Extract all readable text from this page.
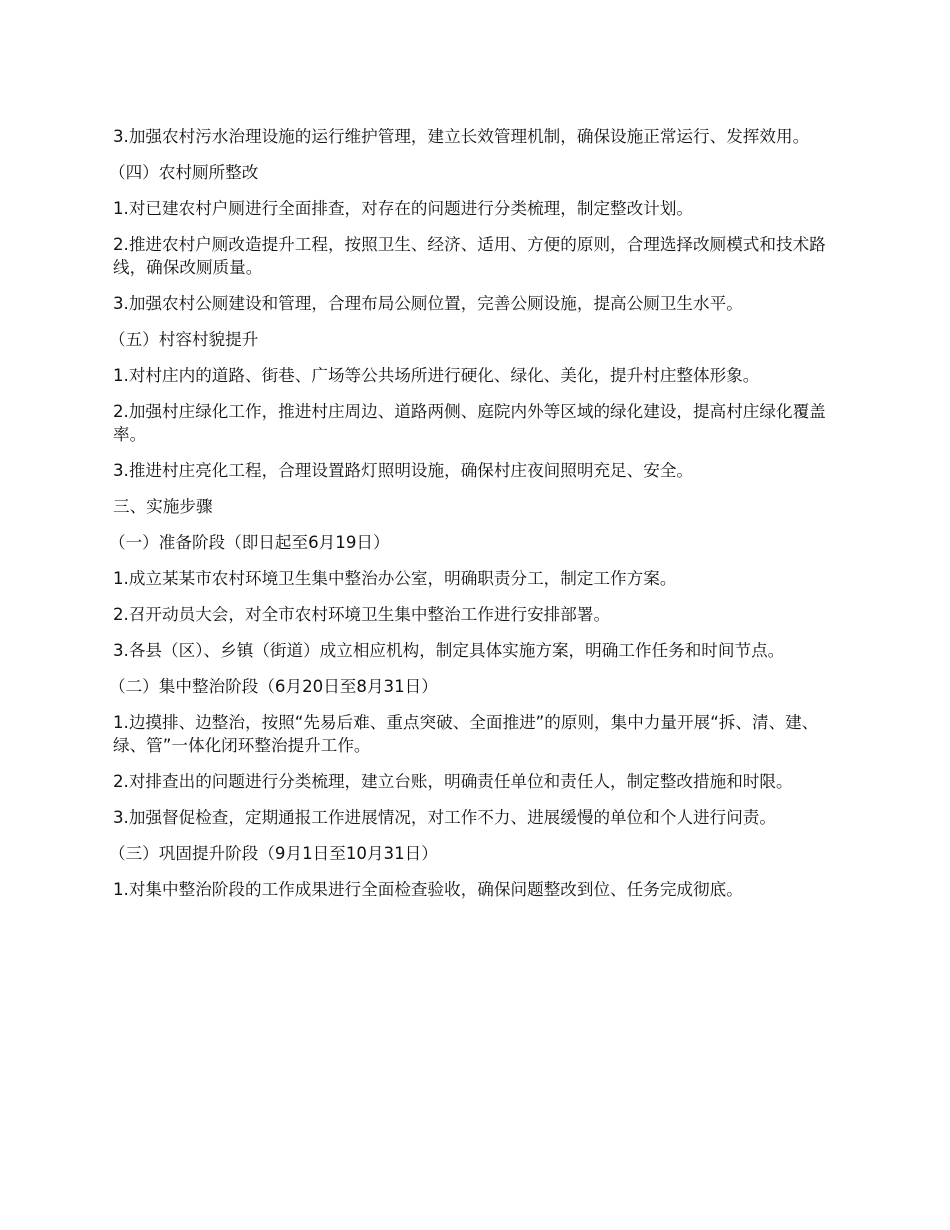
3.加强农村污水治理设施的运行维护管理，建立长效管理机制，确保设施正常运行、发挥效用。

（四）农村厕所整改

1.对已建农村户厕进行全面排查，对存在的问题进行分类梳理，制定整改计划。

2.推进农村户厕改造提升工程，按照卫生、经济、适用、方便的原则，合理选择改厕模式和技术路线，确保改厕质量。

3.加强农村公厕建设和管理，合理布局公厕位置，完善公厕设施，提高公厕卫生水平。

（五）村容村貌提升

1.对村庄内的道路、街巷、广场等公共场所进行硬化、绿化、美化，提升村庄整体形象。

2.加强村庄绿化工作，推进村庄周边、道路两侧、庭院内外等区域的绿化建设，提高村庄绿化覆盖率。

3.推进村庄亮化工程，合理设置路灯照明设施，确保村庄夜间照明充足、安全。

三、实施步骤

（一）准备阶段（即日起至6月19日）

1.成立某某市农村环境卫生集中整治办公室，明确职责分工，制定工作方案。

2.召开动员大会，对全市农村环境卫生集中整治工作进行安排部署。

3.各县（区）、乡镇（街道）成立相应机构，制定具体实施方案，明确工作任务和时间节点。

（二）集中整治阶段（6月20日至8月31日）

1.边摸排、边整治，按照“先易后难、重点突破、全面推进”的原则，集中力量开展“拆、清、建、绿、管”一体化闭环整治提升工作。

2.对排查出的问题进行分类梳理，建立台账，明确责任单位和责任人，制定整改措施和时限。

3.加强督促检查，定期通报工作进展情况，对工作不力、进展缓慢的单位和个人进行问责。

（三）巩固提升阶段（9月1日至10月31日）

1.对集中整治阶段的工作成果进行全面检查验收，确保问题整改到位、任务完成彻底。
